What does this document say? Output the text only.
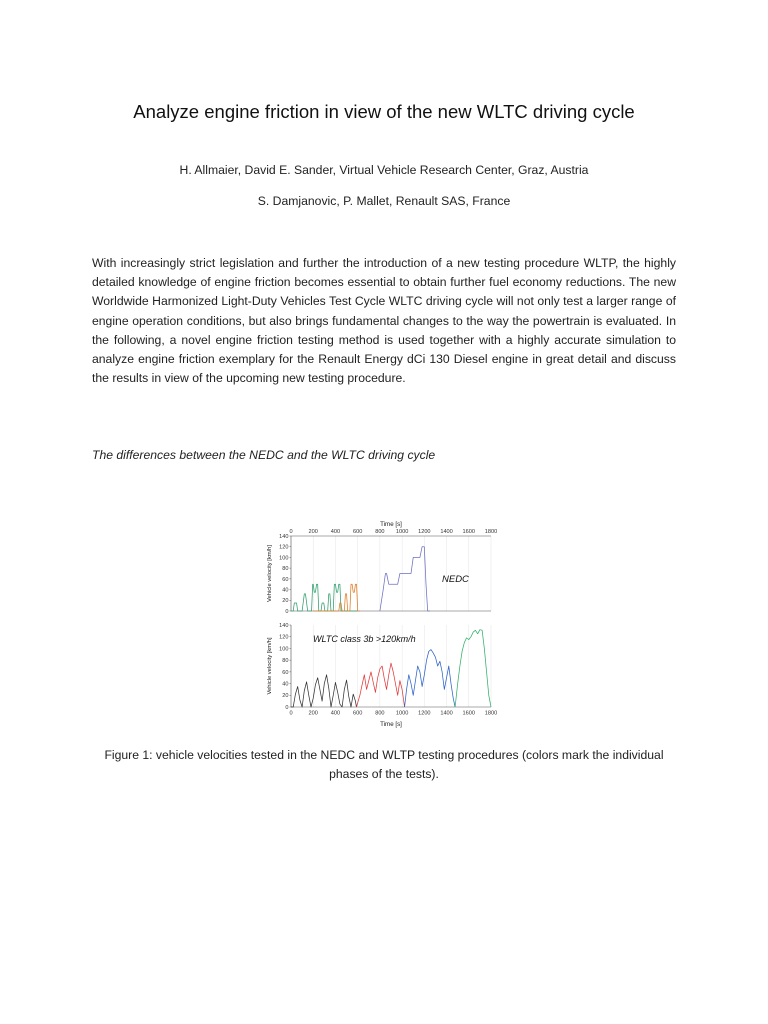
Analyze engine friction in view of the new WLTC driving cycle
H. Allmaier, David E. Sander, Virtual Vehicle Research Center, Graz, Austria
S. Damjanovic, P. Mallet, Renault SAS, France
With increasingly strict legislation and further the introduction of a new testing procedure WLTP, the highly detailed knowledge of engine friction becomes essential to obtain further fuel economy reductions. The new Worldwide Harmonized Light-Duty Vehicles Test Cycle WLTC driving cycle will not only test a larger range of engine operation conditions, but also brings fundamental changes to the way the powertrain is evaluated. In the following, a novel engine friction testing method is used together with a highly accurate simulation to analyze engine friction exemplary for the Renault Energy dCi 130 Diesel engine in great detail and discuss the results in view of the upcoming new testing procedure.
The differences between the NEDC and the WLTC driving cycle
0
20
40
60
80
100
120
140
0	200 400 600 800 1000 1200 1400 1600 1800
Time [s]
Vehicle velocity [km/h]	NEDC
0
20
40
60
80
100
120
140
0	200 400 600 800 1000 1200 1400 1600 1800
Time [s]
Vehicle velocity [km/h]	WLTC class 3b >120km/h
Figure 1: vehicle velocities tested in the NEDC and WLTP testing procedures (colors mark the individual phases of the tests).
